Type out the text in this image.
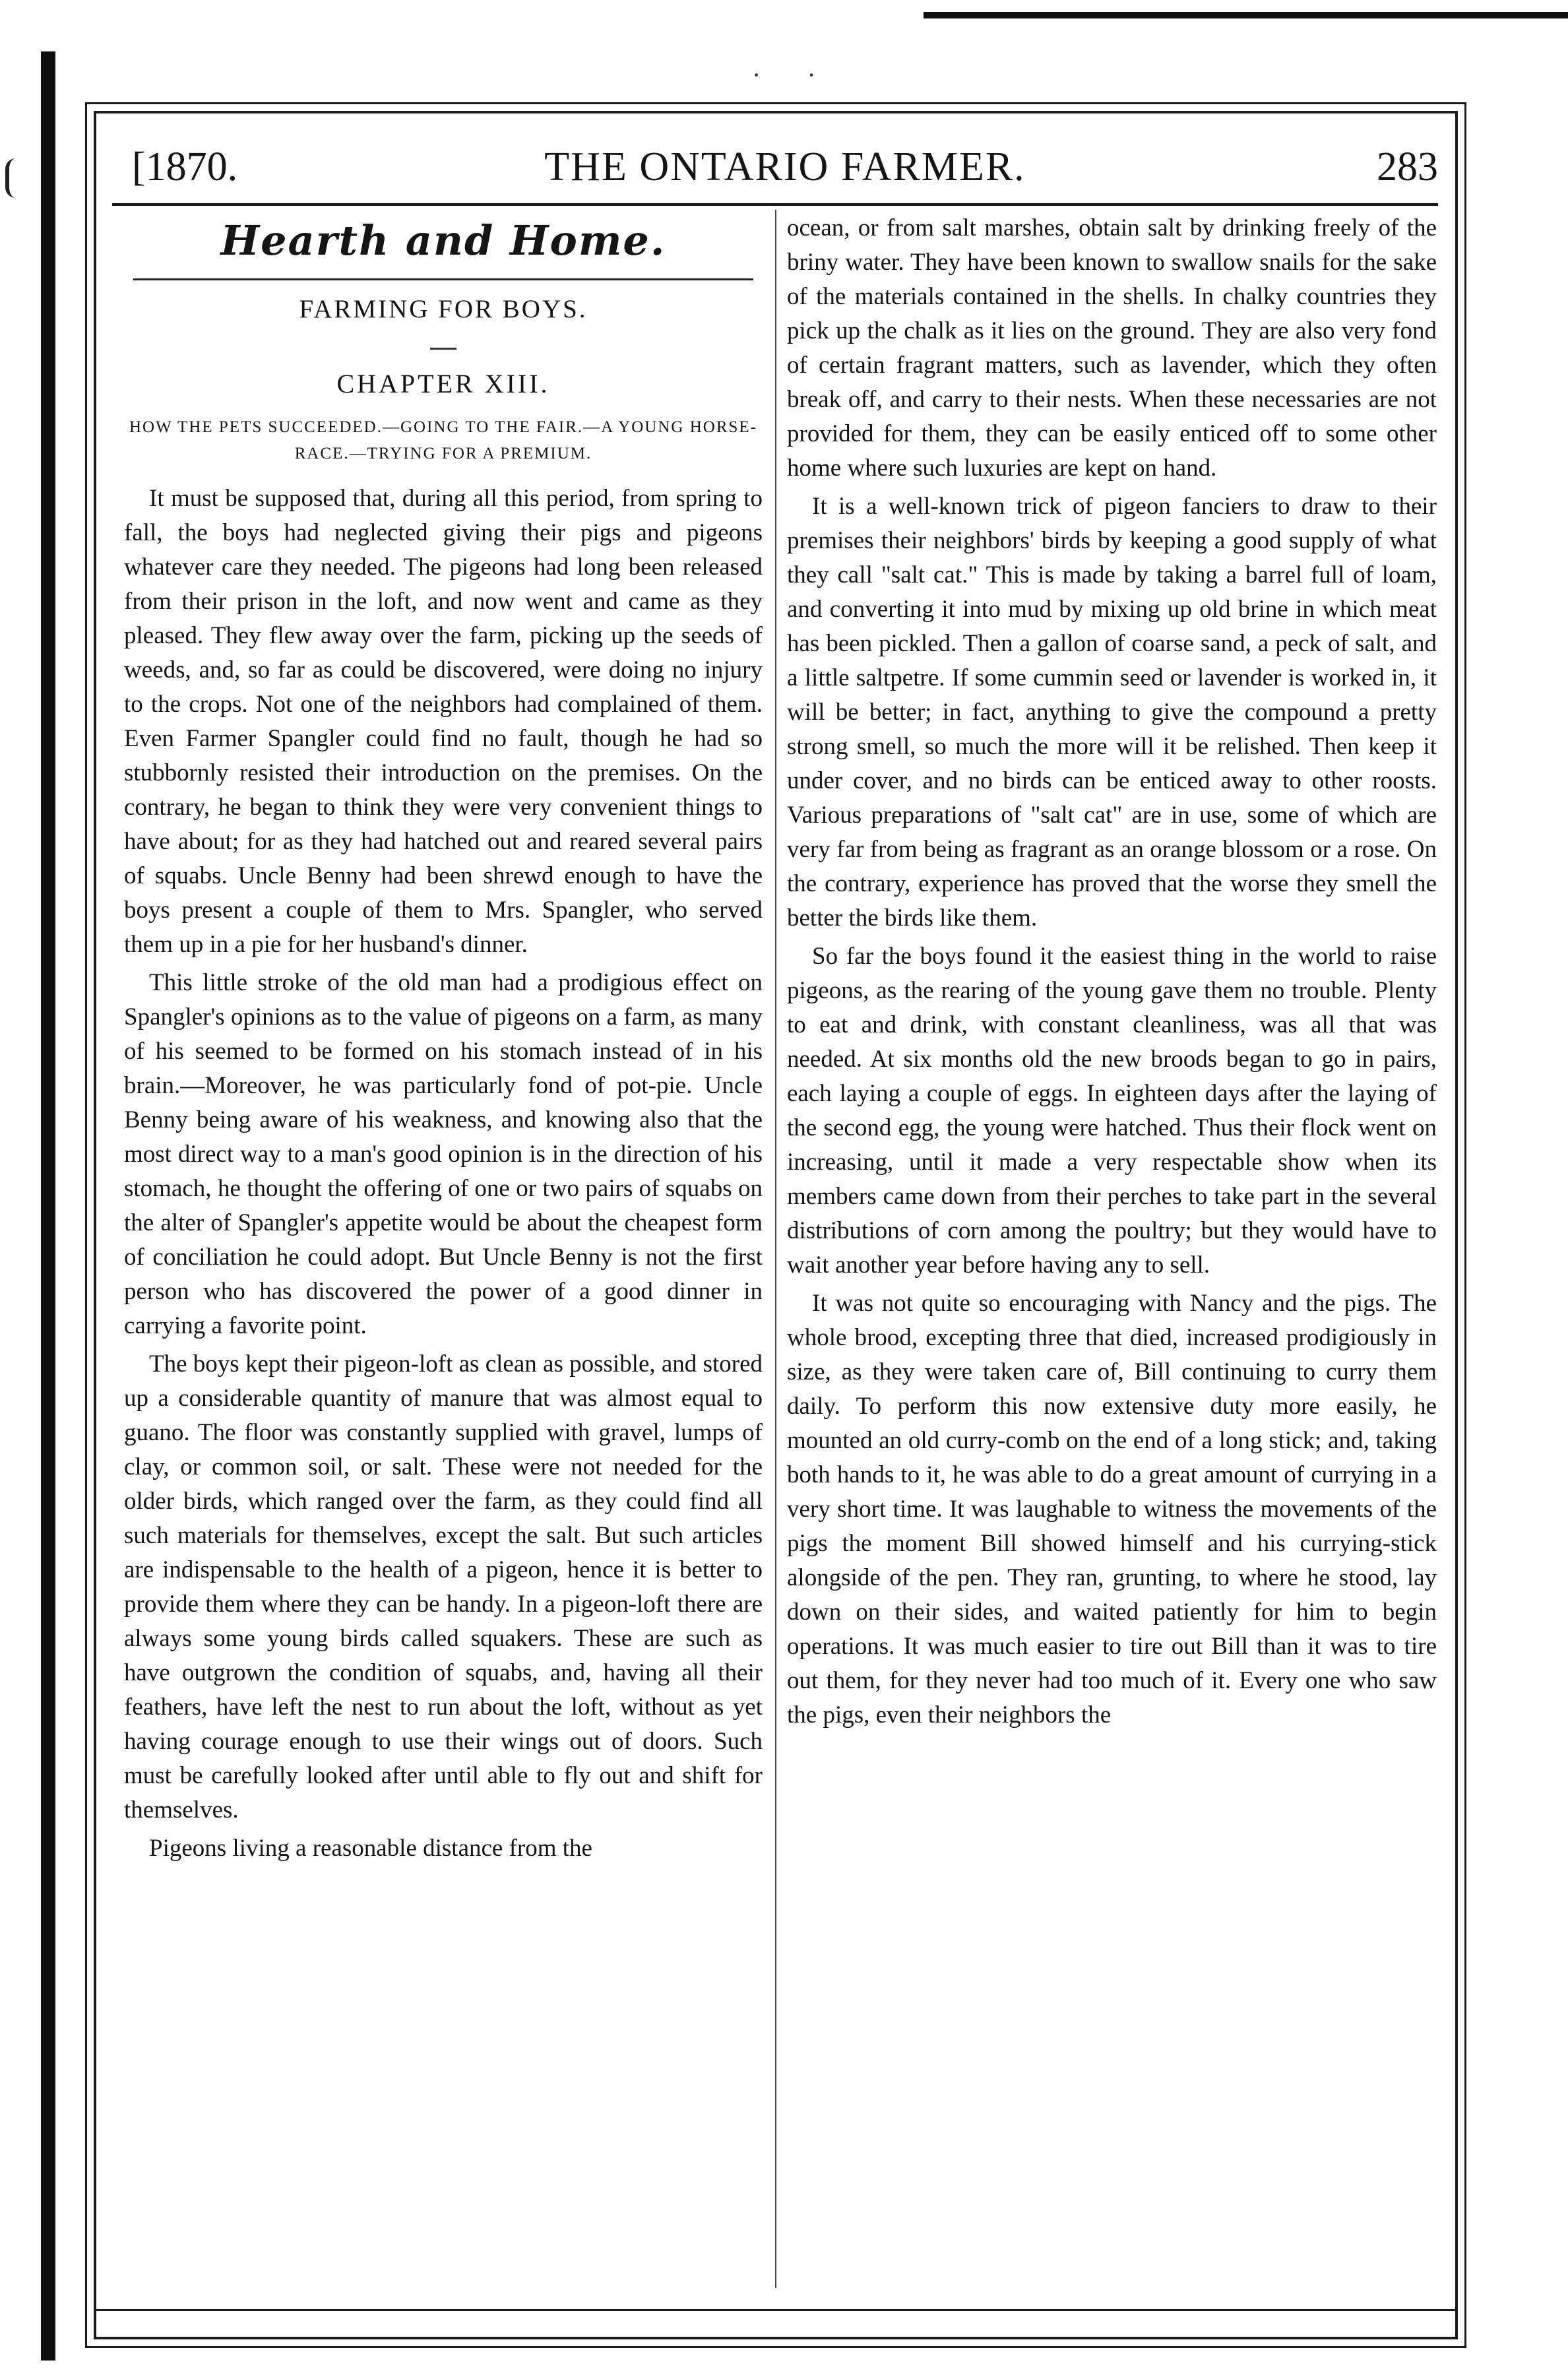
· ·
[1870.	THE ONTARIO FARMER.	283
Hearth and Home.
FARMING FOR BOYS.
CHAPTER XIII.
HOW THE PETS SUCCEEDED.—GOING TO THE FAIR.—A YOUNG HORSE-RACE.—TRYING FOR A PREMIUM.

It must be supposed that, during all this period, from spring to fall, the boys had neglected giving their pigs and pigeons whatever care they needed. The pigeons had long been released from their prison in the loft, and now went and came as they pleased. They flew away over the farm, picking up the seeds of weeds, and, so far as could be discovered, were doing no injury to the crops. Not one of the neighbors had complained of them. Even Farmer Spangler could find no fault, though he had so stubbornly resisted their introduction on the premises. On the contrary, he began to think they were very convenient things to have about; for as they had hatched out and reared several pairs of squabs. Uncle Benny had been shrewd enough to have the boys present a couple of them to Mrs. Spangler, who served them up in a pie for her husband's dinner.

This little stroke of the old man had a prodigious effect on Spangler's opinions as to the value of pigeons on a farm, as many of his seemed to be formed on his stomach instead of in his brain.—Moreover, he was particularly fond of pot-pie. Uncle Benny being aware of his weakness, and knowing also that the most direct way to a man's good opinion is in the direction of his stomach, he thought the offering of one or two pairs of squabs on the alter of Spangler's appetite would be about the cheapest form of conciliation he could adopt. But Uncle Benny is not the first person who has discovered the power of a good dinner in carrying a favorite point.

The boys kept their pigeon-loft as clean as possible, and stored up a considerable quantity of manure that was almost equal to guano. The floor was constantly supplied with gravel, lumps of clay, or common soil, or salt. These were not needed for the older birds, which ranged over the farm, as they could find all such materials for themselves, except the salt. But such articles are indispensable to the health of a pigeon, hence it is better to provide them where they can be handy. In a pigeon-loft there are always some young birds called squakers. These are such as have outgrown the condition of squabs, and, having all their feathers, have left the nest to run about the loft, without as yet having courage enough to use their wings out of doors. Such must be carefully looked after until able to fly out and shift for themselves.

Pigeons living a reasonable distance from the

ocean, or from salt marshes, obtain salt by drinking freely of the briny water. They have been known to swallow snails for the sake of the materials contained in the shells. In chalky countries they pick up the chalk as it lies on the ground. They are also very fond of certain fragrant matters, such as lavender, which they often break off, and carry to their nests. When these necessaries are not provided for them, they can be easily enticed off to some other home where such luxuries are kept on hand.

It is a well-known trick of pigeon fanciers to draw to their premises their neighbors' birds by keeping a good supply of what they call "salt cat." This is made by taking a barrel full of loam, and converting it into mud by mixing up old brine in which meat has been pickled. Then a gallon of coarse sand, a peck of salt, and a little saltpetre. If some cummin seed or lavender is worked in, it will be better; in fact, anything to give the compound a pretty strong smell, so much the more will it be relished. Then keep it under cover, and no birds can be enticed away to other roosts. Various preparations of "salt cat" are in use, some of which are very far from being as fragrant as an orange blossom or a rose. On the contrary, experience has proved that the worse they smell the better the birds like them.

So far the boys found it the easiest thing in the world to raise pigeons, as the rearing of the young gave them no trouble. Plenty to eat and drink, with constant cleanliness, was all that was needed. At six months old the new broods began to go in pairs, each laying a couple of eggs. In eighteen days after the laying of the second egg, the young were hatched. Thus their flock went on increasing, until it made a very respectable show when its members came down from their perches to take part in the several distributions of corn among the poultry; but they would have to wait another year before having any to sell.

It was not quite so encouraging with Nancy and the pigs. The whole brood, excepting three that died, increased prodigiously in size, as they were taken care of, Bill continuing to curry them daily. To perform this now extensive duty more easily, he mounted an old curry-comb on the end of a long stick; and, taking both hands to it, he was able to do a great amount of currying in a very short time. It was laughable to witness the movements of the pigs the moment Bill showed himself and his currying-stick alongside of the pen. They ran, grunting, to where he stood, lay down on their sides, and waited patiently for him to begin operations. It was much easier to tire out Bill than it was to tire out them, for they never had too much of it. Every one who saw the pigs, even their neighbors the
